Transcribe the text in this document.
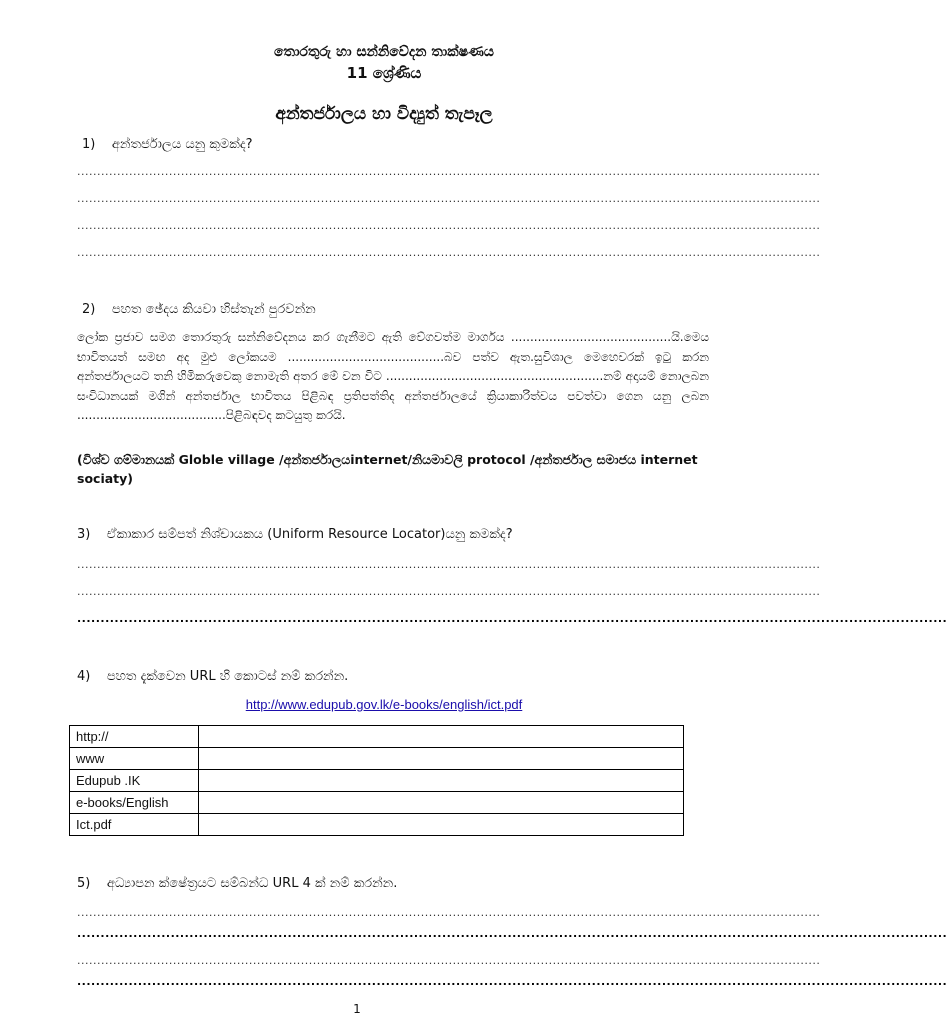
තොරතුරු හා සන්නිවේදන තාක්ෂණය
11 ශ්‍රේණිය
අන්තර්ජාලය හා විද්‍යුත් තැපෑල
1) අන්තර්ජාලය යනු කුමක්ද?
..........................................................................................................................................................................................
..........................................................................................................................................................................................
..........................................................................................................................................................................................
..........................................................................................................................................................................................
2) පහත ඡේදය කියවා හිස්තැන් පුරවන්න
ලෝක ප්‍රජාව සමග තොරතුරු සන්නිවේදනය කර ගැනීමට ඇති වේගවත්ම මාර්ගය ..........................................යි.මෙය භාවිතයත් සමඟ අද මුළු ලෝකයම .........................................බව පත්ව ඇත.සුවිශාල මෙහෙවරක් ඉටු කරන අන්තර්ජාලයට තනි හිමිකරුවෙකු නොමැති අතර මේ වන විට .........................................................නම් අදායම් නොලබන සංවිධානයක් මගින් අන්තර්ජාල භාවිතය පිළිබඳ ප්‍රතිපත්තිද අන්තර්ජාලයේ ක්‍රියාකාරිත්වය පවත්වා ගෙන යනු ලබන .......................................පිළිබඳවද කටයුතු කරයි.
(විශ්ව ගම්මානයක් Globle village /අන්තර්ජාලයinternet/නියමාවලි protocol /අන්තර්ජාල සමාජය internet sociaty)
3) ඒකාකාර සම්පත් නිශ්චායකය (Uniform Resource Locator)යනු කමක්ද?
..........................................................................................................................................................................................
..........................................................................................................................................................................................
..........................................................................................................................................................................................
4) පහත දැක්වෙන URL හි කොටස් නම් කරන්න.
http://www.edupub.gov.lk/e-books/english/ict.pdf
http://	
www	
Edupub .IK	
e-books/English	
Ict.pdf	
5) අධ්‍යාපන ක්ෂේත්‍රයට සම්බන්ධ URL 4 ක් නම් කරන්න.
..........................................................................................................................................................................................
..........................................................................................................................................................................................
..........................................................................................................................................................................................
..........................................................................................................................................................................................
1
